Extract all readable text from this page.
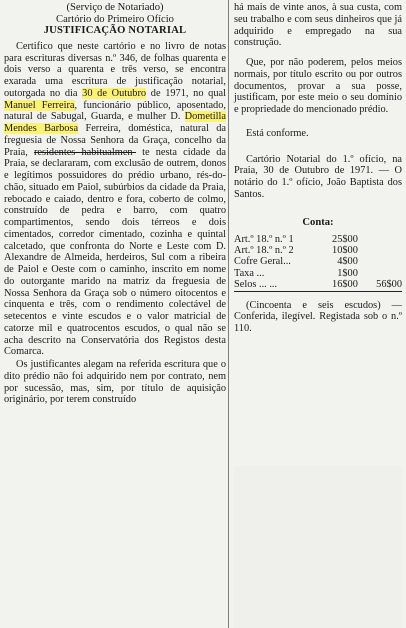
(Serviço de Notariado)
Cartório do Primeiro Ofício
JUSTIFICAÇÃO NOTARIAL

Certifico que neste cartório e no livro de notas para escrituras diversas n.º 346, de folhas quarenta e dois verso a quarenta e três verso, se encontra exarada uma escritura de justificação notarial, outorgada no dia 30 de Outubro de 1971, no qual Manuel Ferreira, funcionário público, aposentado, natural de Sabugal, Guarda, e mulher D. Dometilla Mendes Barbosa Ferreira, doméstica, natural da freguesia de Nossa Senhora da Graça, concelho da Praia, residentes habitualmen- te nesta cidade da Praia, se declararam, com exclusão de outrem, donos e legítimos possuidores do prédio urbano, rés-do-chão, situado em Paiol, subúrbios da cidade da Praia, rebocado e caiado, dentro e fora, coberto de colmo, construído de pedra e barro, com quatro compartimentos, sendo dois térreos e dois cimentados, corredor cimentado, cozinha e quintal calcetado, que confronta do Norte e Leste com D. Alexandre de Almeida, herdeiros, Sul com a ribeira de Paiol e Oeste com o caminho, inscrito em nome do outorgante marido na matriz da freguesia de Nossa Senhora da Graça sob o número oitocentos e cinquenta e três, com o rendimento colectável de setecentos e vinte escudos e o valor matricial de catorze mil e quatrocentos escudos, o qual não se acha descrito na Conservatória dos Registos desta Comarca.

Os justificantes alegam na referida escritura que o dito prédio não foi adquirido nem por contrato, nem por sucessão, mas, sim, por título de aquisição originário, por terem construído

há mais de vinte anos, à sua custa, com seu trabalho e com seus dinheiros que já adquirido e empregado na sua construção.

Que, por não poderem, pelos meios normais, por título escrito ou por outros documentos, provar a sua posse, justificam, por este meio o seu domínio e propriedade do mencionado prédio.

Está conforme.

Cartório Notarial do 1.º ofício, na Praia, 30 de Outubro de 1971. — O notário do 1.º ofício, João Baptista dos Santos.

Conta:
Art.º 18.º n.º 1	25$00	
Art.º 18.º n.º 2	10$00	
Cofre Geral...	4$00	
Taxa ...	1$00	
Selos ... ...	16$00	56$00

(Cincoenta e seis escudos) — Conferida, ilegível. Registada sob o n.º 110.
